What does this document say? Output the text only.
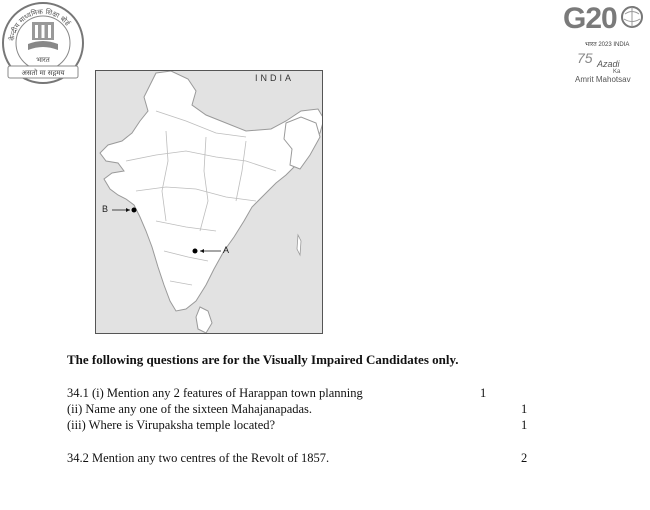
केन्द्रीय माध्यमिक शिक्षा बोर्ड
भारत
असतो मा सद्गमय
G20
भारत 2023 INDIA
75 Azadi
Ka
Amrit Mahotsav
INDIA
B
A
The following questions are for the Visually Impaired Candidates only.
34.1 (i) Mention any 2 features of Harappan town planning	1
(ii) Name any one of the sixteen Mahajanapadas.	1
(iii) Where is Virupaksha temple located?	1
34.2 Mention any two centres of the Revolt of 1857.	2
